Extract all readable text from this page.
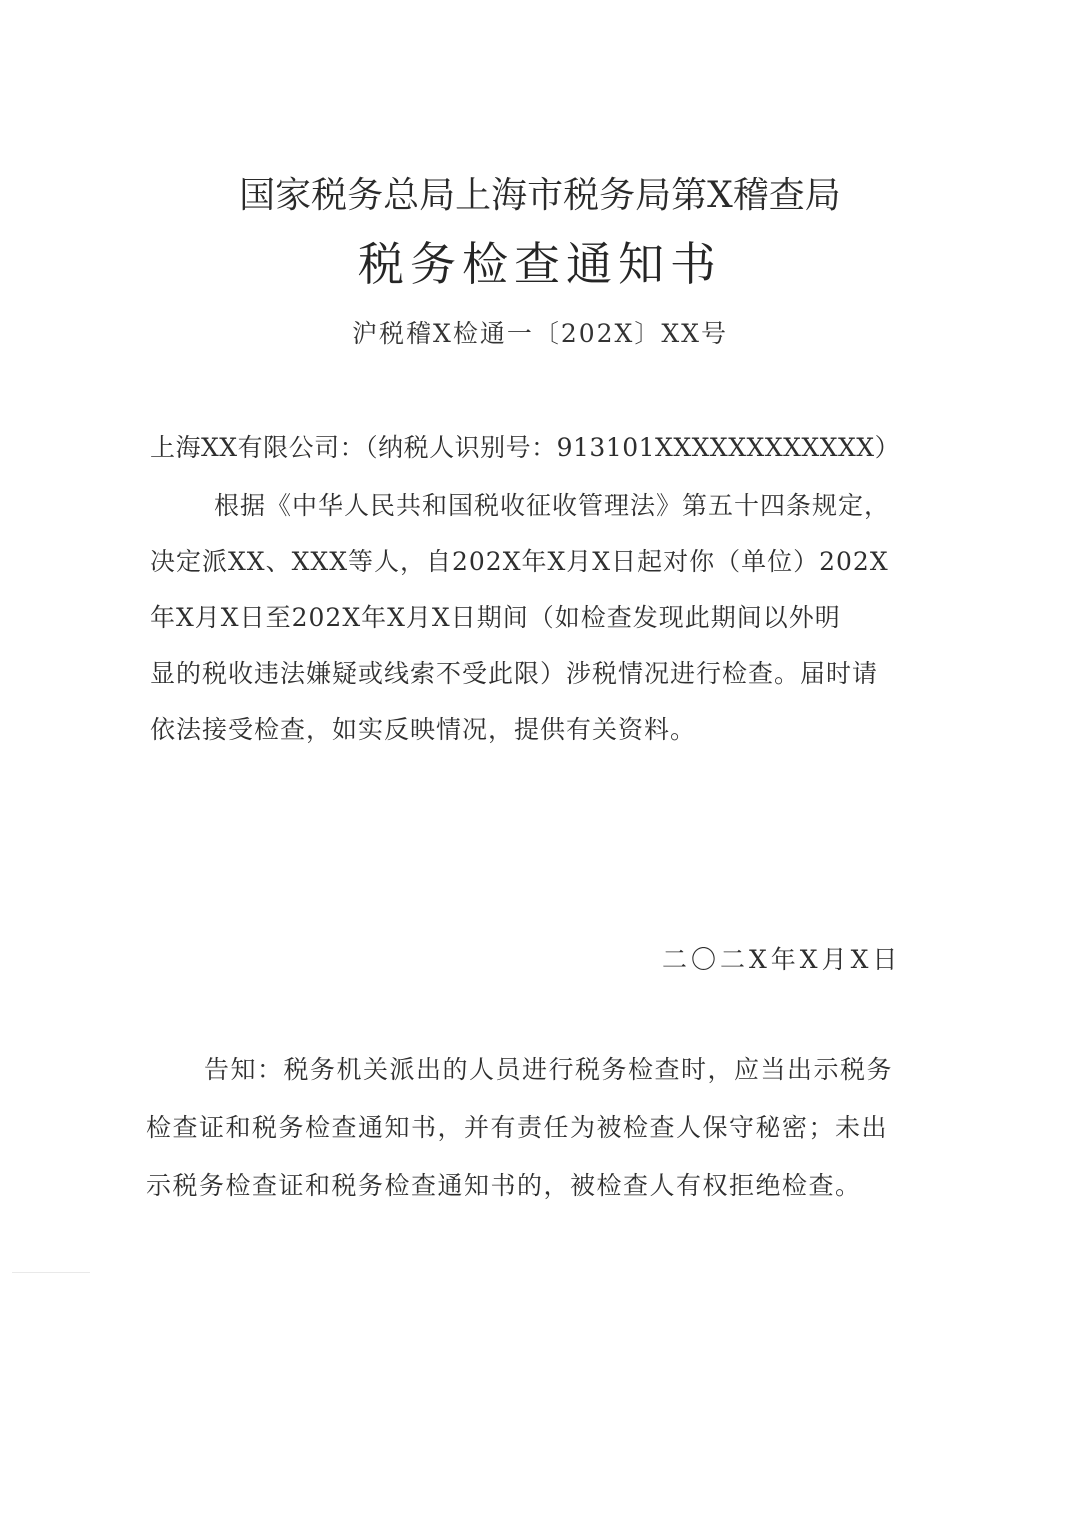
国家税务总局上海市税务局第X稽查局

税务检查通知书

沪税稽X检通一〔202X〕XX号

上海XX有限公司：（纳税人识别号：913101XXXXXXXXXXXX）

根据《中华人民共和国税收征收管理法》第五十四条规定，

决定派XX、XXX等人，自202X年X月X日起对你（单位）202X

年X月X日至202X年X月X日期间（如检查发现此期间以外明

显的税收违法嫌疑或线索不受此限）涉税情况进行检查。届时请

依法接受检查，如实反映情况，提供有关资料。

二〇二X年X月X日

告知：税务机关派出的人员进行税务检查时，应当出示税务

检查证和税务检查通知书，并有责任为被检查人保守秘密；未出

示税务检查证和税务检查通知书的，被检查人有权拒绝检查。
